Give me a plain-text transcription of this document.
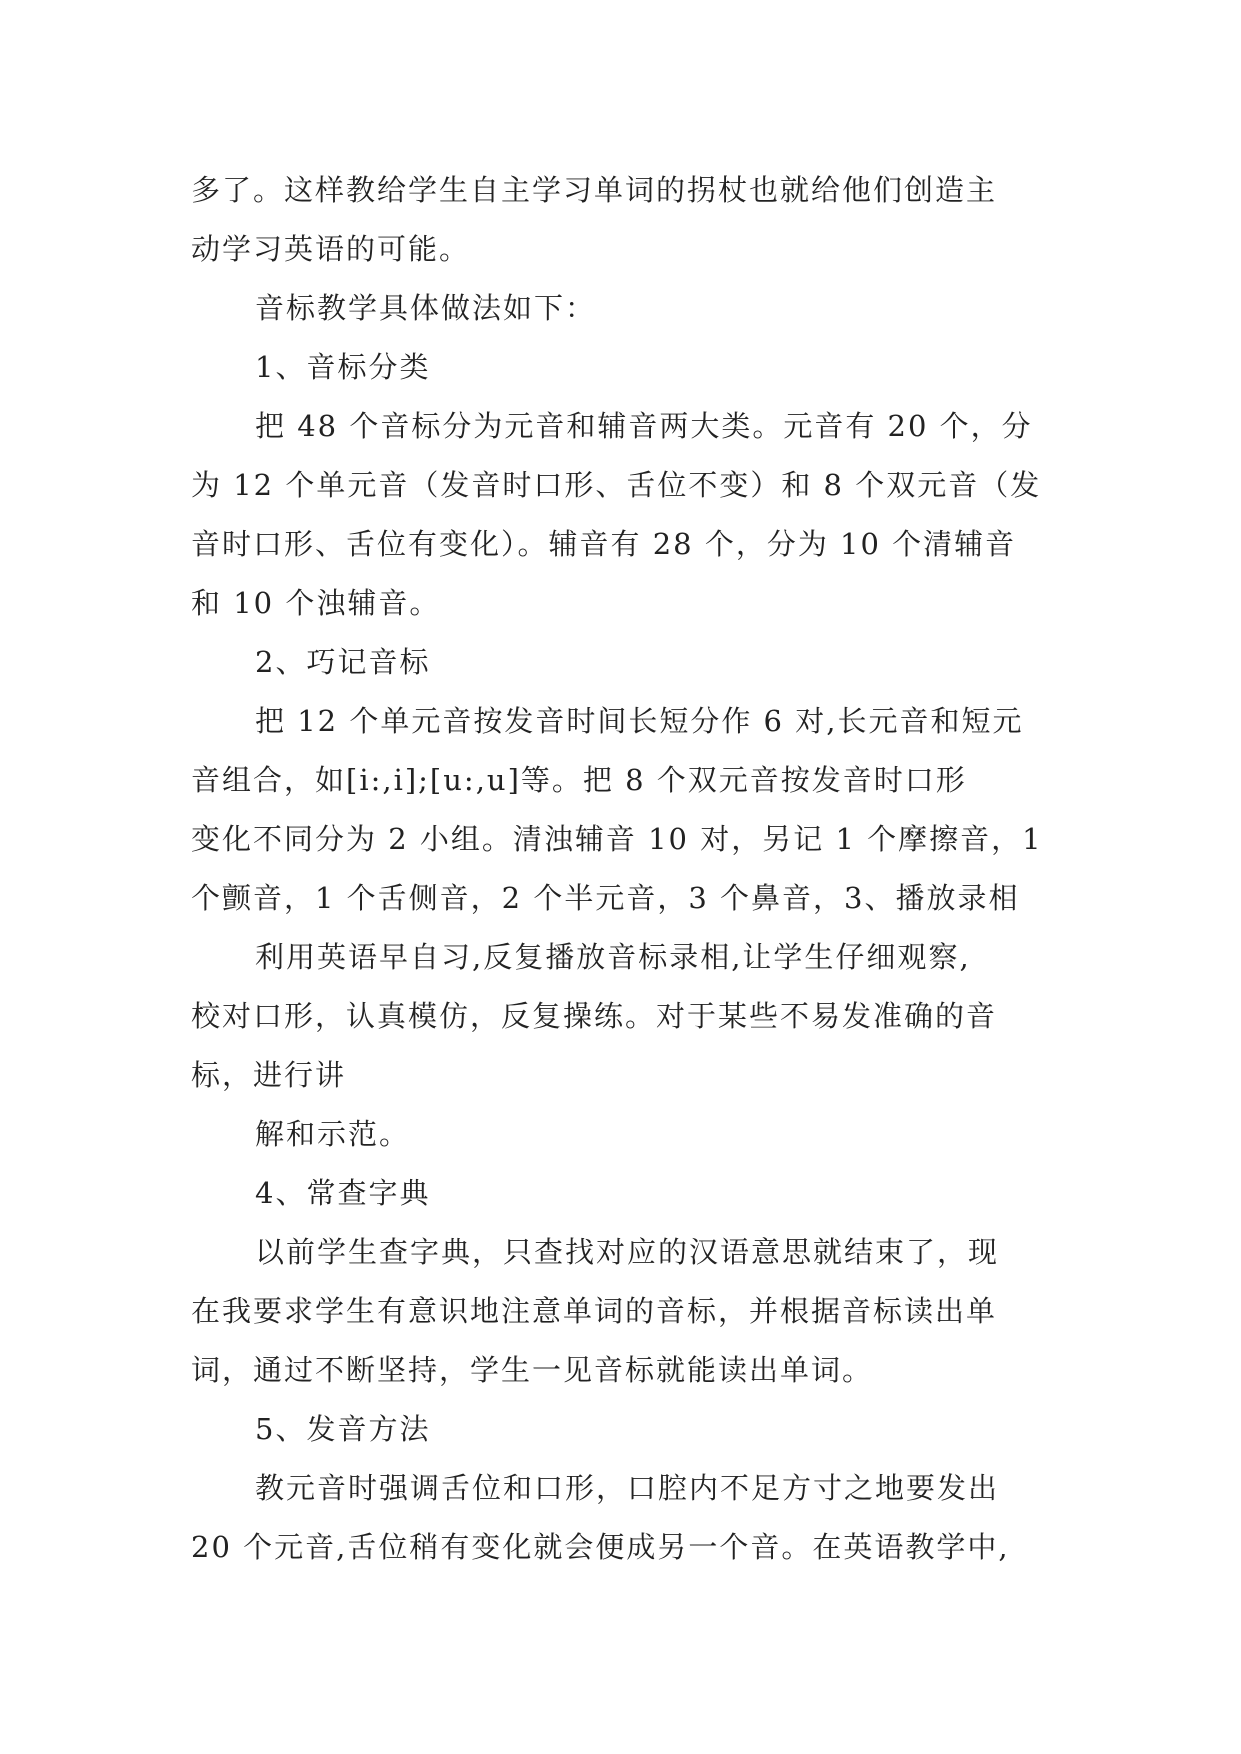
多了。这样教给学生自主学习单词的拐杖也就给他们创造主
动学习英语的可能。
音标教学具体做法如下：
1、音标分类
把 48 个音标分为元音和辅音两大类。元音有 20 个，分
为 12 个单元音（发音时口形、舌位不变）和 8 个双元音（发
音时口形、舌位有变化）。辅音有 28 个，分为 10 个清辅音
和 10 个浊辅音。
2、巧记音标
把 12 个单元音按发音时间长短分作 6 对,长元音和短元
音组合，如[i:,i];[u:,u]等。把 8 个双元音按发音时口形
变化不同分为 2 小组。清浊辅音 10 对，另记 1 个摩擦音，1
个颤音，1 个舌侧音，2 个半元音，3 个鼻音，3、播放录相
利用英语早自习,反复播放音标录相,让学生仔细观察,
校对口形，认真模仿，反复操练。对于某些不易发准确的音
标，进行讲
解和示范。
4、常查字典
以前学生查字典，只查找对应的汉语意思就结束了，现
在我要求学生有意识地注意单词的音标，并根据音标读出单
词，通过不断坚持，学生一见音标就能读出单词。
5、发音方法
教元音时强调舌位和口形，口腔内不足方寸之地要发出
20 个元音,舌位稍有变化就会便成另一个音。在英语教学中,
